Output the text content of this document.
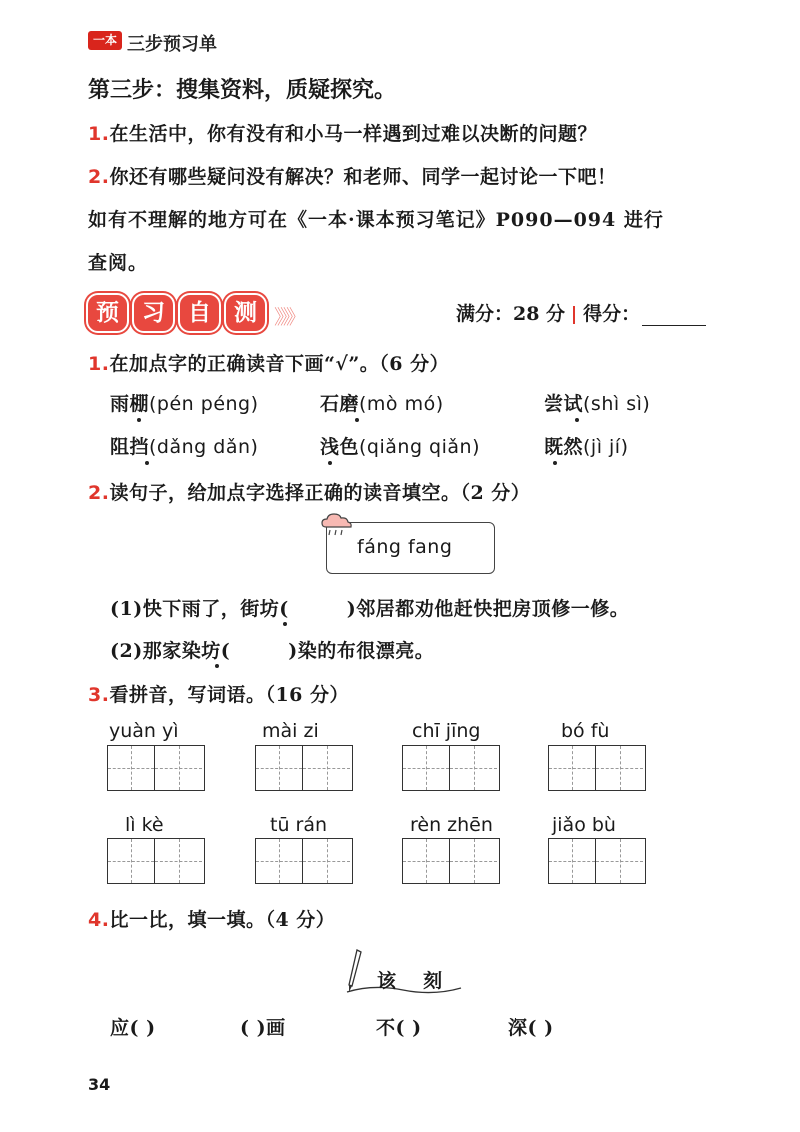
一本 三步预习单
第三步：搜集资料，质疑探究。
1.在生活中，你有没有和小马一样遇到过难以决断的问题？
2.你还有哪些疑问没有解决？和老师、同学一起讨论一下吧！
如有不理解的地方可在《一本·课本预习笔记》P090—094 进行
查阅。
预 习 自 测 》》》	满分：28 分 得分：
1.在加点字的正确读音下画“√”。（6 分）
雨棚(pén péng)	石磨(mò mó)	尝试(shì sì)
阻挡(dǎng dǎn)	浅色(qiǎng qiǎn)	既然(jì jí)
2.读句子，给加点字选择正确的读音填空。（2 分）
fáng fang
(1)快下雨了，街坊(	)邻居都劝他赶快把房顶修一修。
(2)那家染坊(	)染的布很漂亮。
3.看拼音，写词语。（16 分）
yuàn yì	mài zi	chī jīng	bó fù
lì kè	tū rán	rèn zhēn	jiǎo bù
4.比一比，填一填。（4 分）
该　 刻
应( )	( )画	不( )	深( )
34
